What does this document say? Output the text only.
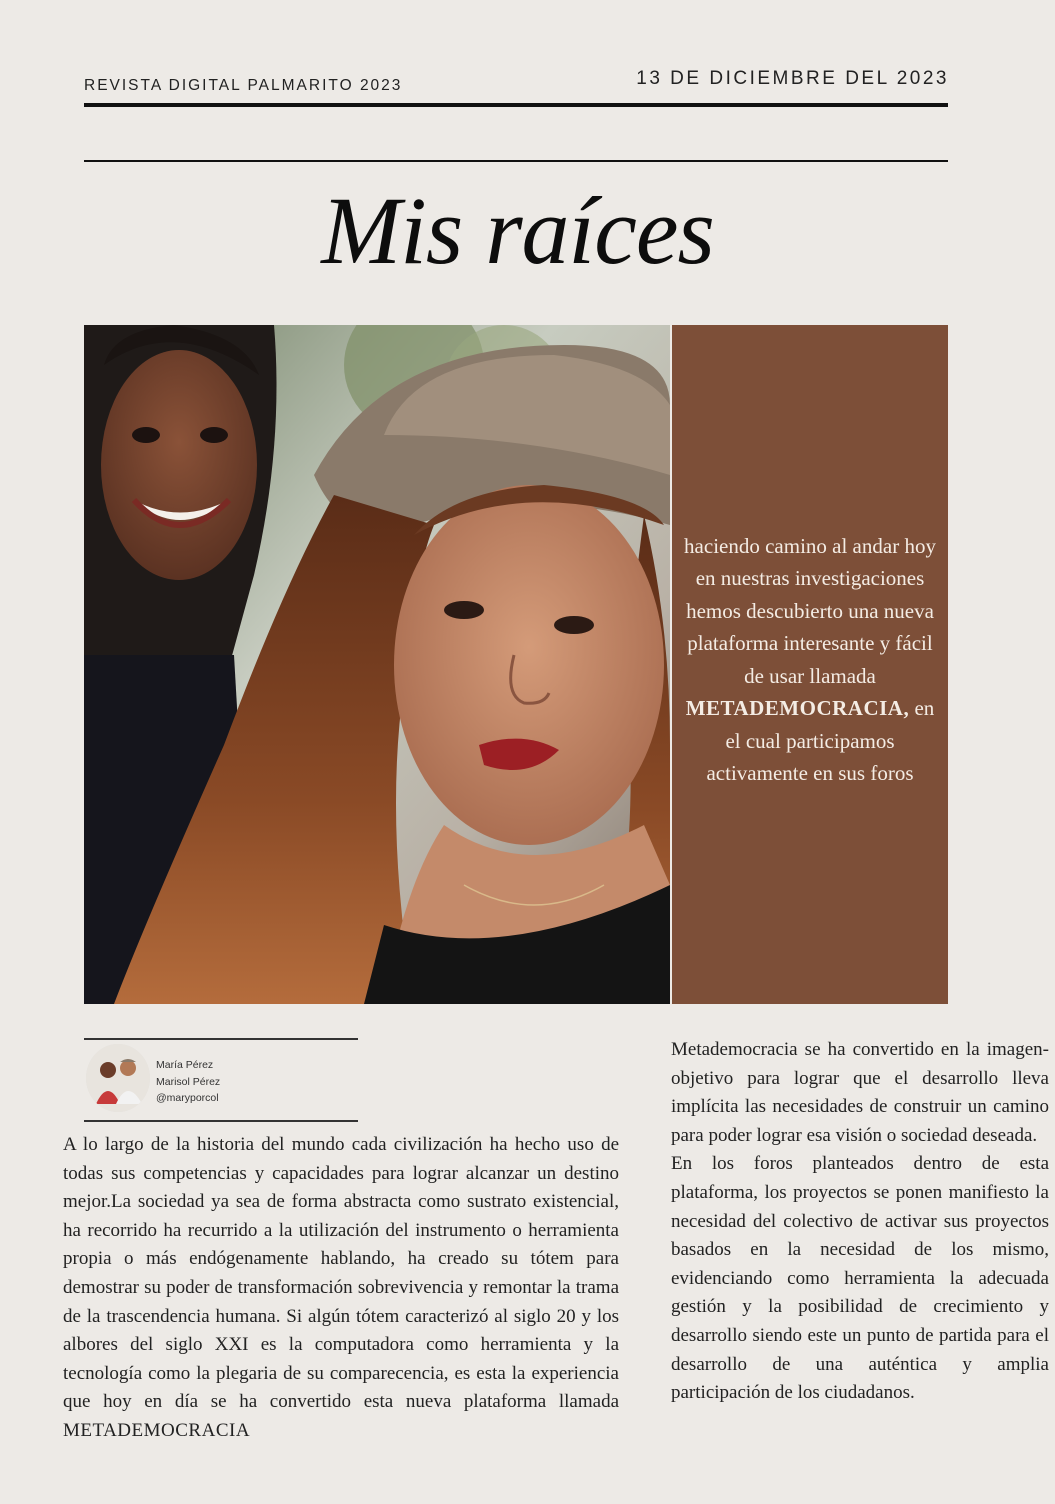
REVISTA DIGITAL PALMARITO 2023	13 DE DICIEMBRE DEL 2023
Mis raíces
haciendo camino al andar hoy en nuestras investigaciones hemos descubierto una nueva plataforma interesante y fácil de usar llamada METADEMOCRACIA, en el cual participamos activamente en sus foros
María Pérez
Marisol Pérez
@maryporcol

A lo largo de la historia del mundo cada civilización ha hecho uso de todas sus competencias y capacidades para lograr alcanzar un destino mejor.La sociedad ya sea de forma abstracta como sustrato existencial, ha recorrido ha recurrido a la utilización del instrumento o herramienta propia o más endógenamente hablando, ha creado su tótem para demostrar su poder de transformación sobrevivencia y remontar la trama de la trascendencia humana. Si algún tótem caracterizó al siglo 20 y los albores del siglo XXI es la computadora como herramienta y la tecnología como la plegaria de su comparecencia, es esta la experiencia que hoy en día se ha convertido esta nueva plataforma llamada

METADEMOCRACIA

Metademocracia se ha convertido en la imagen-objetivo para lograr que el desarrollo lleva implícita las necesidades de construir un camino para poder lograr esa visión o sociedad deseada.

En los foros planteados dentro de esta plataforma, los proyectos se ponen manifiesto la necesidad del colectivo de activar sus proyectos basados en la necesidad de los mismo, evidenciando como herramienta la adecuada gestión y la posibilidad de crecimiento y desarrollo siendo este un punto de partida para el desarrollo de una auténtica y amplia participación de los ciudadanos.
